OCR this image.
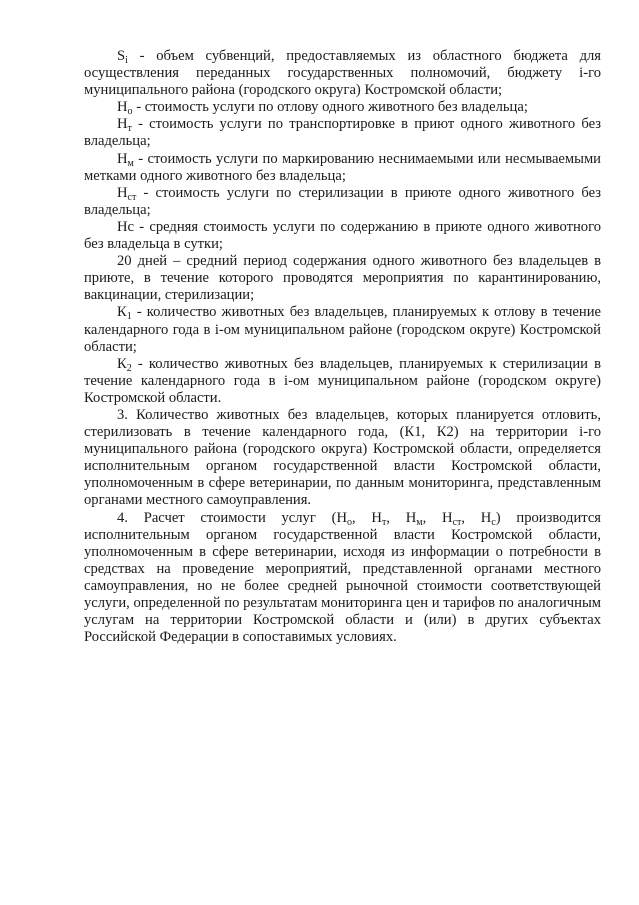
$S_i$ - объем субвенций, предоставляемых из областного бюджета для осуществления переданных государственных полномочий, бюджету i-го муниципального района (городского округа) Костромской области;

$Н_о$ - стоимость услуги по отлову одного животного без владельца;

$Н_т$ - стоимость услуги по транспортировке в приют одного животного без владельца;

$Н_м$ - стоимость услуги по маркированию неснимаемыми или несмываемыми метками одного животного без владельца;

$Н_{ст}$ - стоимость услуги по стерилизации в приюте одного животного без владельца;

Нс - средняя стоимость услуги по содержанию в приюте одного животного без владельца в сутки;

20 дней – средний период содержания одного животного без владельцев в приюте, в течение которого проводятся мероприятия по карантинированию, вакцинации, стерилизации;

$К_1$ - количество животных без владельцев, планируемых к отлову в течение календарного года в i-ом муниципальном районе (городском округе) Костромской области;

$К_2$ - количество животных без владельцев, планируемых к стерилизации в течение календарного года в i-ом муниципальном районе (городском округе) Костромской области.

3. Количество животных без владельцев, которых планируется отловить, стерилизовать в течение календарного года, (К1, К2) на территории i-го муниципального района (городского округа) Костромской области, определяется исполнительным органом государственной власти Костромской области, уполномоченным в сфере ветеринарии, по данным мониторинга, представленным органами местного самоуправления.

4. Расчет стоимости услуг ($Н_о$, $Н_т$, $Н_м$, $Н_{ст}$, $Н_с$) производится исполнительным органом государственной власти Костромской области, уполномоченным в сфере ветеринарии, исходя из информации о потребности в средствах на проведение мероприятий, представленной органами местного самоуправления, но не более средней рыночной стоимости соответствующей услуги, определенной по результатам мониторинга цен и тарифов по аналогичным услугам на территории Костромской области и (или) в других субъектах Российской Федерации в сопоставимых условиях.
